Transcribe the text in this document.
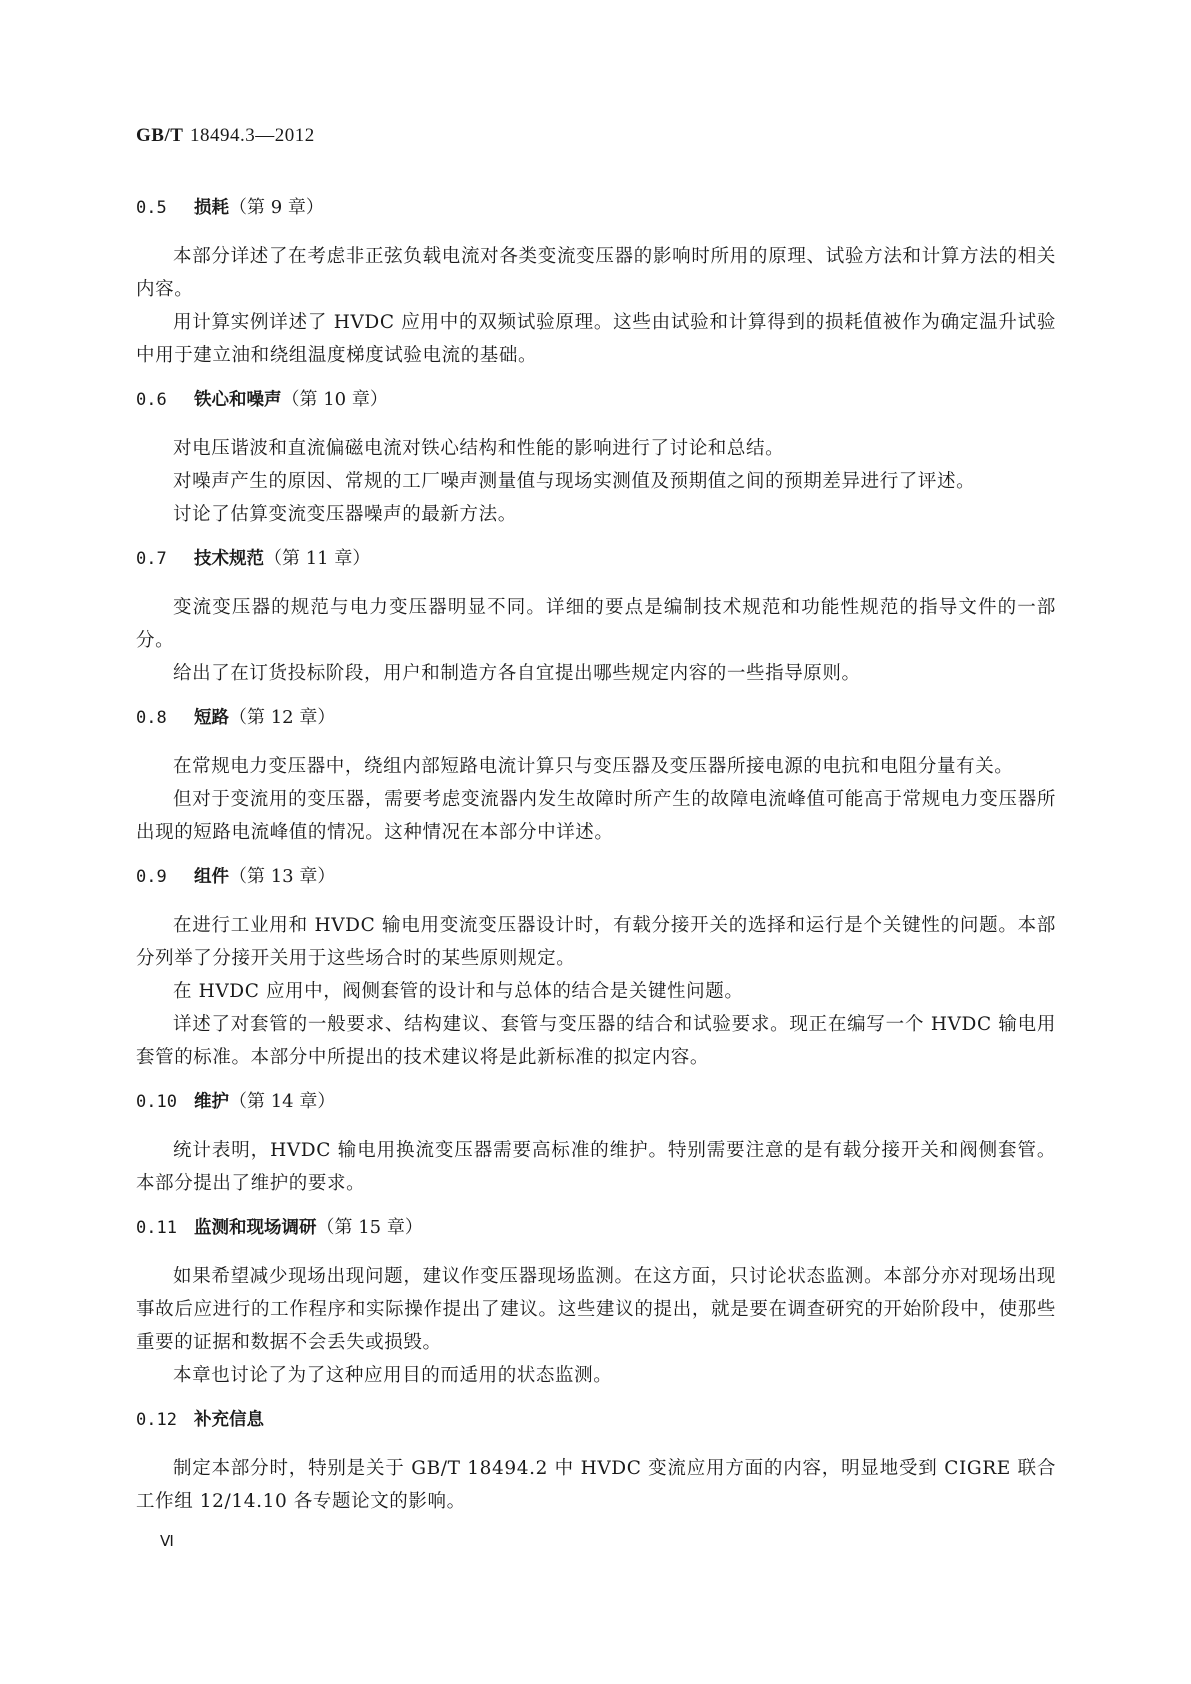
GB/T 18494.3—2012
0.5 损耗（第 9 章）

本部分详述了在考虑非正弦负载电流对各类变流变压器的影响时所用的原理、试验方法和计算方法的相关内容。

用计算实例详述了 HVDC 应用中的双频试验原理。这些由试验和计算得到的损耗值被作为确定温升试验中用于建立油和绕组温度梯度试验电流的基础。

0.6 铁心和噪声（第 10 章）

对电压谐波和直流偏磁电流对铁心结构和性能的影响进行了讨论和总结。

对噪声产生的原因、常规的工厂噪声测量值与现场实测值及预期值之间的预期差异进行了评述。

讨论了估算变流变压器噪声的最新方法。

0.7 技术规范（第 11 章）

变流变压器的规范与电力变压器明显不同。详细的要点是编制技术规范和功能性规范的指导文件的一部分。

给出了在订货投标阶段，用户和制造方各自宜提出哪些规定内容的一些指导原则。

0.8 短路（第 12 章）

在常规电力变压器中，绕组内部短路电流计算只与变压器及变压器所接电源的电抗和电阻分量有关。

但对于变流用的变压器，需要考虑变流器内发生故障时所产生的故障电流峰值可能高于常规电力变压器所出现的短路电流峰值的情况。这种情况在本部分中详述。

0.9 组件（第 13 章）

在进行工业用和 HVDC 输电用变流变压器设计时，有载分接开关的选择和运行是个关键性的问题。本部分列举了分接开关用于这些场合时的某些原则规定。

在 HVDC 应用中，阀侧套管的设计和与总体的结合是关键性问题。

详述了对套管的一般要求、结构建议、套管与变压器的结合和试验要求。现正在编写一个 HVDC 输电用套管的标准。本部分中所提出的技术建议将是此新标准的拟定内容。

0.10 维护（第 14 章）

统计表明，HVDC 输电用换流变压器需要高标准的维护。特别需要注意的是有载分接开关和阀侧套管。本部分提出了维护的要求。

0.11 监测和现场调研（第 15 章）

如果希望减少现场出现问题，建议作变压器现场监测。在这方面，只讨论状态监测。本部分亦对现场出现事故后应进行的工作程序和实际操作提出了建议。这些建议的提出，就是要在调查研究的开始阶段中，使那些重要的证据和数据不会丢失或损毁。

本章也讨论了为了这种应用目的而适用的状态监测。

0.12 补充信息

制定本部分时，特别是关于 GB/T 18494.2 中 HVDC 变流应用方面的内容，明显地受到 CIGRE 联合工作组 12/14.10 各专题论文的影响。

Ⅵ
